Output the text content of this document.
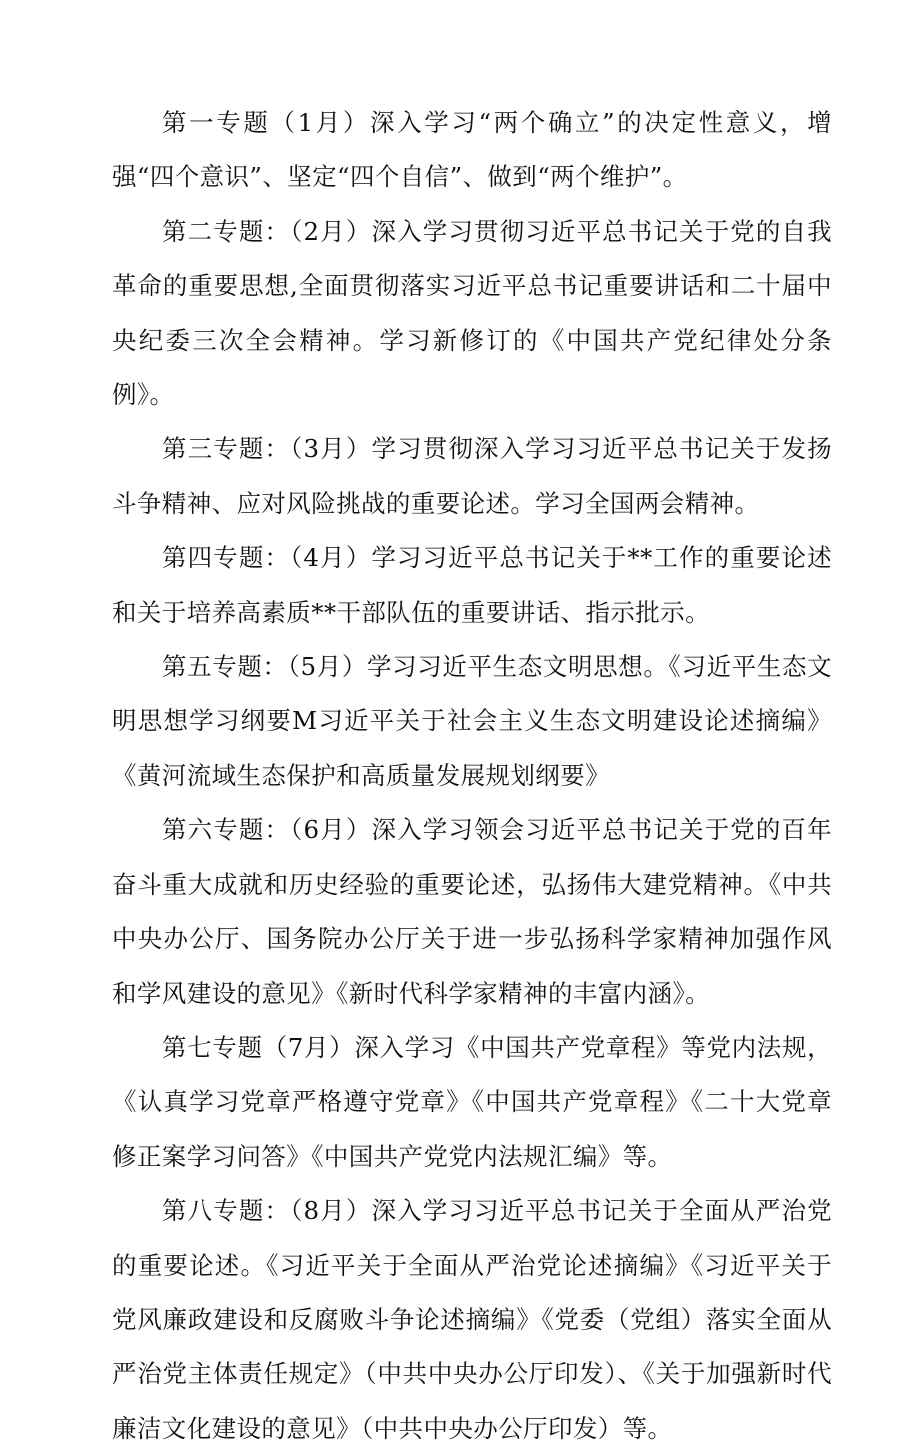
第一专题（1月）深入学习“两个确立”的决定性意义，增强“四个意识”、坚定“四个自信”、做到“两个维护”。

第二专题：（2月）深入学习贯彻习近平总书记关于党的自我革命的重要思想,全面贯彻落实习近平总书记重要讲话和二十届中央纪委三次全会精神。学习新修订的《中国共产党纪律处分条例》。

第三专题：（3月）学习贯彻深入学习习近平总书记关于发扬斗争精神、应对风险挑战的重要论述。学习全国两会精神。

第四专题：（4月）学习习近平总书记关于**工作的重要论述和关于培养高素质**干部队伍的重要讲话、指示批示。

第五专题：（5月）学习习近平生态文明思想。《习近平生态文明思想学习纲要M习近平关于社会主义生态文明建设论述摘编》《黄河流域生态保护和高质量发展规划纲要》

第六专题：（6月）深入学习领会习近平总书记关于党的百年奋斗重大成就和历史经验的重要论述，弘扬伟大建党精神。《中共中央办公厅、国务院办公厅关于进一步弘扬科学家精神加强作风和学风建设的意见》《新时代科学家精神的丰富内涵》。

第七专题（7月）深入学习《中国共产党章程》等党内法规，《认真学习党章严格遵守党章》《中国共产党章程》《二十大党章修正案学习问答》《中国共产党党内法规汇编》等。

第八专题：（8月）深入学习习近平总书记关于全面从严治党的重要论述。《习近平关于全面从严治党论述摘编》《习近平关于党风廉政建设和反腐败斗争论述摘编》《党委（党组）落实全面从严治党主体责任规定》（中共中央办公厅印发）、《关于加强新时代廉洁文化建设的意见》（中共中央办公厅印发）等。
